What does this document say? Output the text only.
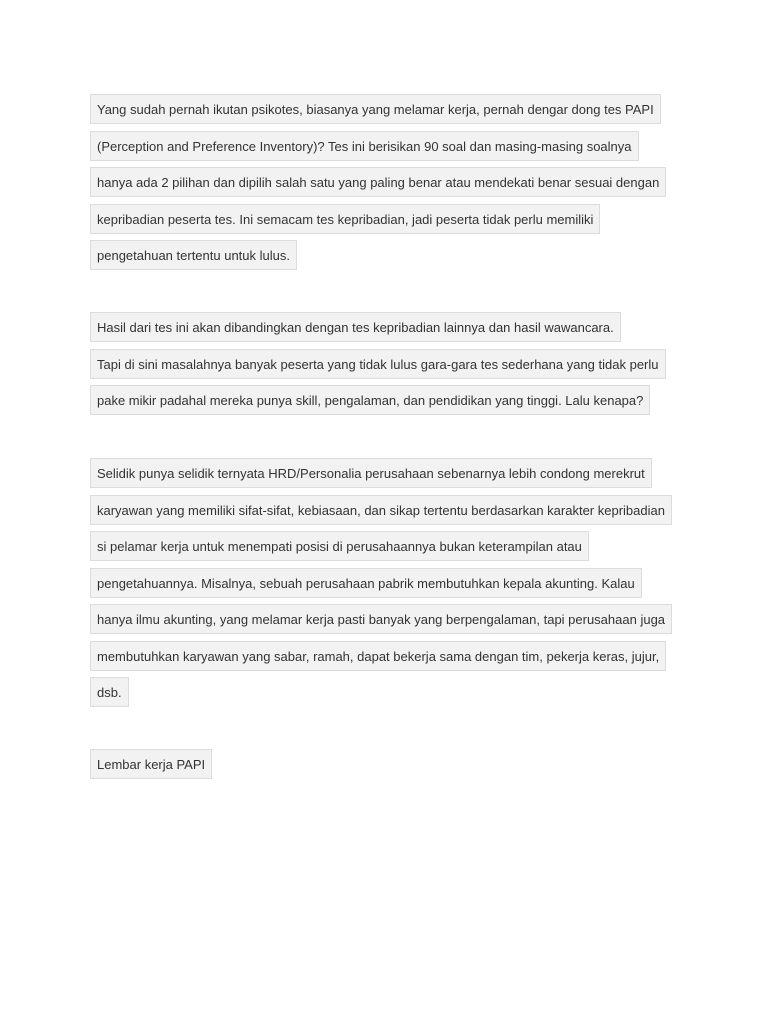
Yang sudah pernah ikutan psikotes, biasanya yang melamar kerja, pernah dengar dong tes PAPI
(Perception and Preference Inventory)? Tes ini berisikan 90 soal dan masing-masing soalnya
hanya ada 2 pilihan dan dipilih salah satu yang paling benar atau mendekati benar sesuai dengan
kepribadian peserta tes. Ini semacam tes kepribadian, jadi peserta tidak perlu memiliki
pengetahuan tertentu untuk lulus.
Hasil dari tes ini akan dibandingkan dengan tes kepribadian lainnya dan hasil wawancara.
Tapi di sini masalahnya banyak peserta yang tidak lulus gara-gara tes sederhana yang tidak perlu
pake mikir padahal mereka punya skill, pengalaman, dan pendidikan yang tinggi. Lalu kenapa?
Selidik punya selidik ternyata HRD/Personalia perusahaan sebenarnya lebih condong merekrut
karyawan yang memiliki sifat-sifat, kebiasaan, dan sikap tertentu berdasarkan karakter kepribadian
si pelamar kerja untuk menempati posisi di perusahaannya bukan keterampilan atau
pengetahuannya. Misalnya, sebuah perusahaan pabrik membutuhkan kepala akunting. Kalau
hanya ilmu akunting, yang melamar kerja pasti banyak yang berpengalaman, tapi perusahaan juga
membutuhkan karyawan yang sabar, ramah, dapat bekerja sama dengan tim, pekerja keras, jujur,
dsb.
Lembar kerja PAPI
